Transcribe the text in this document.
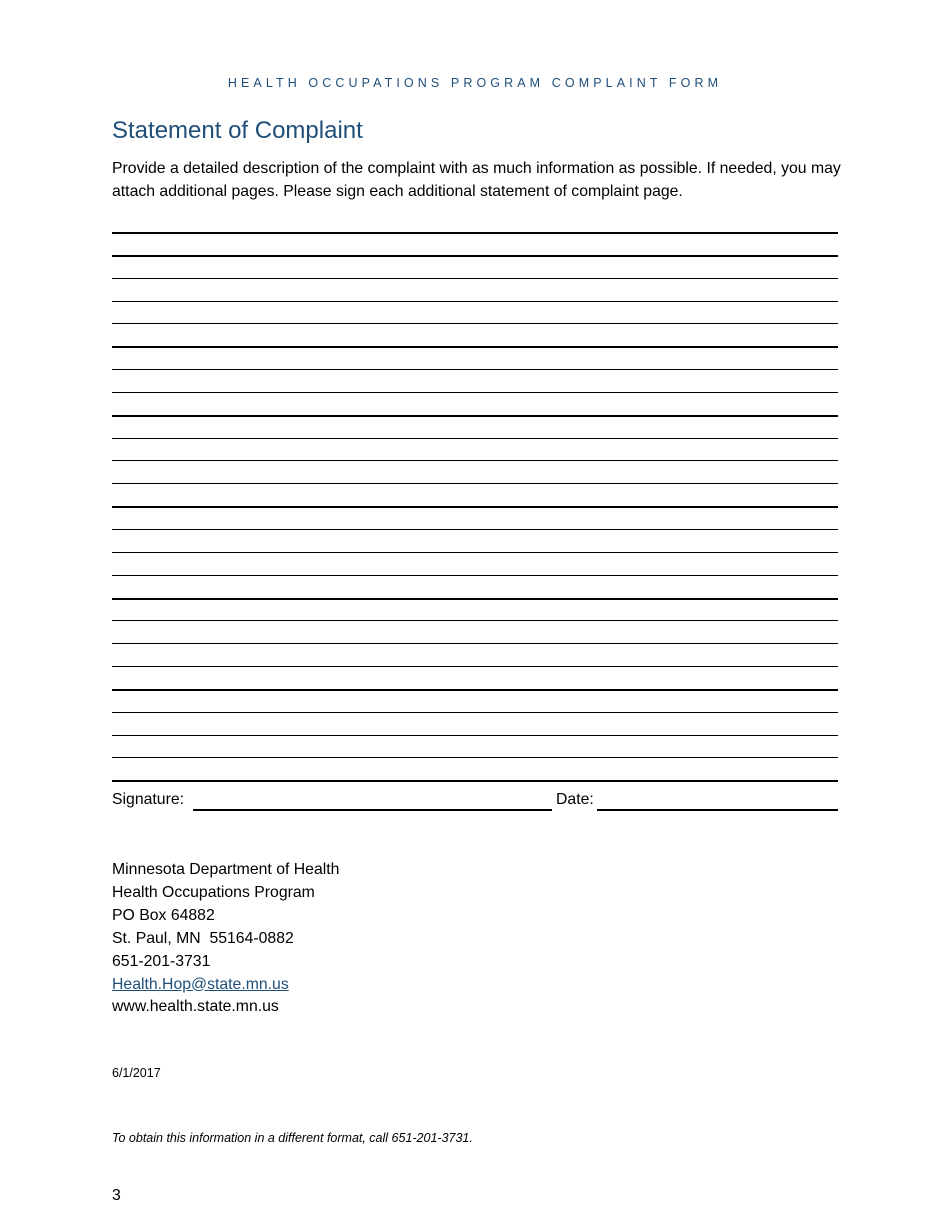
HEALTH OCCUPATIONS PROGRAM COMPLAINT FORM
Statement of Complaint
Provide a detailed description of the complaint with as much information as possible. If needed, you may attach additional pages. Please sign each additional statement of complaint page.
Signature:	Date:
Minnesota Department of Health
Health Occupations Program
PO Box 64882
St. Paul, MN  55164-0882
651-201-3731
Health.Hop@state.mn.us
www.health.state.mn.us
6/1/2017
To obtain this information in a different format, call 651-201-3731.
3
